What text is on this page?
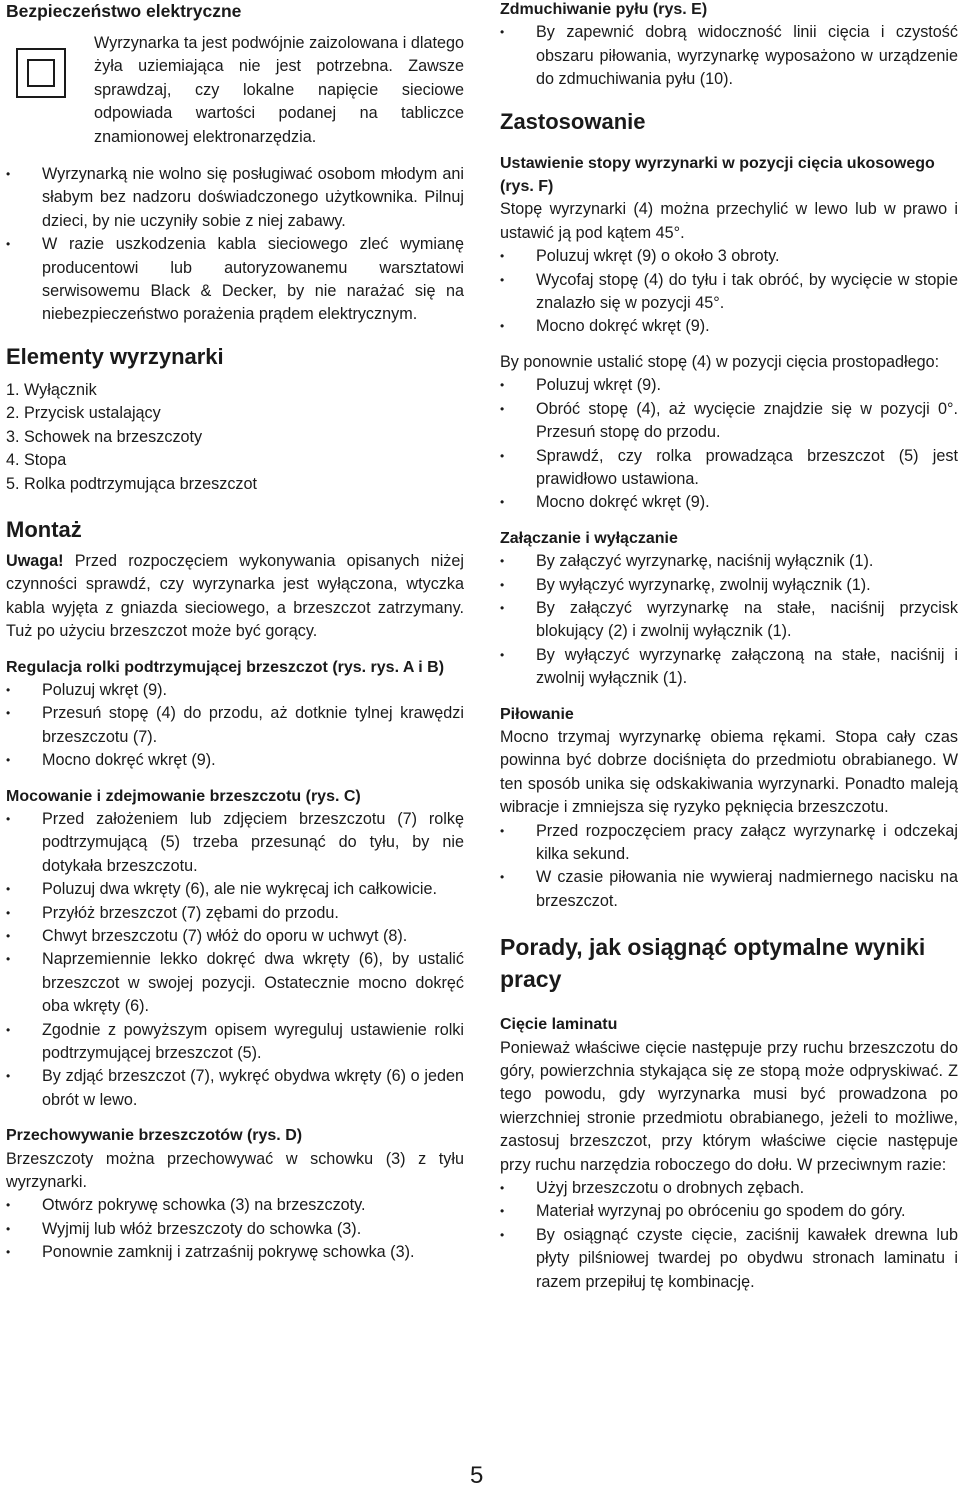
Bezpieczeństwo elektryczne

Wyrzynarka ta jest podwójnie zaizolowana i dlatego żyła uziemiająca nie jest potrzebna. Zawsze sprawdzaj, czy lokalne napięcie sieciowe odpowiada wartości podanej na tabliczce znamionowej elektronarzędzia.

• Wyrzynarką nie wolno się posługiwać osobom młodym ani słabym bez nadzoru doświadczonego użytkownika. Pilnuj dzieci, by nie uczyniły sobie z niej zabawy.
• W razie uszkodzenia kabla sieciowego zleć wymianę producentowi lub autoryzowanemu warsztatowi serwisowemu Black & Decker, by nie narażać się na niebezpieczeństwo porażenia prądem elektrycznym.
Elementy wyrzynarki
1. Wyłącznik
2. Przycisk ustalający
3. Schowek na brzeszczoty
4. Stopa
5. Rolka podtrzymująca brzeszczot
Montaż

Uwaga! Przed rozpoczęciem wykonywania opisanych niżej czynności sprawdź, czy wyrzynarka jest wyłączona, wtyczka kabla wyjęta z gniazda sieciowego, a brzeszczot zatrzymany. Tuż po użyciu brzeszczot może być gorący.

Regulacja rolki podtrzymującej brzeszczot (rys. rys. A i B)
• Poluzuj wkręt (9).
• Przesuń stopę (4) do przodu, aż dotknie tylnej krawędzi brzeszczotu (7).
• Mocno dokręć wkręt (9).
Mocowanie i zdejmowanie brzeszczotu (rys. C)
• Przed założeniem lub zdjęciem brzeszczotu (7) rolkę podtrzymującą (5) trzeba przesunąć do tyłu, by nie dotykała brzeszczotu.
• Poluzuj dwa wkręty (6), ale nie wykręcaj ich całkowicie.
• Przyłóż brzeszczot (7) zębami do przodu.
• Chwyt brzeszczotu (7) włóż do oporu w uchwyt (8).
• Naprzemiennie lekko dokręć dwa wkręty (6), by ustalić brzeszczot w swojej pozycji. Ostatecznie mocno dokręć oba wkręty (6).
• Zgodnie z powyższym opisem wyreguluj ustawienie rolki podtrzymującej brzeszczot (5).
• By zdjąć brzeszczot (7), wykręć obydwa wkręty (6) o jeden obrót w lewo.
Przechowywanie brzeszczotów (rys. D)

Brzeszczoty można przechowywać w schowku (3) z tyłu wyrzynarki.

• Otwórz pokrywę schowka (3) na brzeszczoty.
• Wyjmij lub włóż brzeszczoty do schowka (3).
• Ponownie zamknij i zatrzaśnij pokrywę schowka (3).
Zdmuchiwanie pyłu (rys. E)
• By zapewnić dobrą widoczność linii cięcia i czystość obszaru piłowania, wyrzynarkę wyposażono w urządzenie do zdmuchiwania pyłu (10).
Zastosowanie
Ustawienie stopy wyrzynarki w pozycji cięcia ukosowego (rys. F)

Stopę wyrzynarki (4) można przechylić w lewo lub w prawo i ustawić ją pod kątem 45°.

• Poluzuj wkręt (9) o około 3 obroty.
• Wycofaj stopę (4) do tyłu i tak obróć, by wycięcie w stopie znalazło się w pozycji 45°.
• Mocno dokręć wkręt (9).

By ponownie ustalić stopę (4) w pozycji cięcia prostopadłego:

• Poluzuj wkręt (9).
• Obróć stopę (4), aż wycięcie znajdzie się w pozycji 0°. Przesuń stopę do przodu.
• Sprawdź, czy rolka prowadząca brzeszczot (5) jest prawidłowo ustawiona.
• Mocno dokręć wkręt (9).
Załączanie i wyłączanie
• By załączyć wyrzynarkę, naciśnij wyłącznik (1).
• By wyłączyć wyrzynarkę, zwolnij wyłącznik (1).
• By załączyć wyrzynarkę na stałe, naciśnij przycisk blokujący (2) i zwolnij wyłącznik (1).
• By wyłączyć wyrzynarkę załączoną na stałe, naciśnij i zwolnij wyłącznik (1).
Piłowanie

Mocno trzymaj wyrzynarkę obiema rękami. Stopa cały czas powinna być dobrze dociśnięta do przedmiotu obrabianego. W ten sposób unika się odskakiwania wyrzynarki. Ponadto maleją wibracje i zmniejsza się ryzyko pęknięcia brzeszczotu.

• Przed rozpoczęciem pracy załącz wyrzynarkę i odczekaj kilka sekund.
• W czasie piłowania nie wywieraj nadmiernego nacisku na brzeszczot.
Porady, jak osiągnąć optymalne wyniki pracy
Cięcie laminatu

Ponieważ właściwe cięcie następuje przy ruchu brzeszczotu do góry, powierzchnia stykająca się ze stopą może odpryskiwać. Z tego powodu, gdy wyrzynarka musi być prowadzona po wierzchniej stronie przedmiotu obrabianego, jeżeli to możliwe, zastosuj brzeszczot, przy którym właściwe cięcie następuje przy ruchu narzędzia roboczego do dołu. W przeciwnym razie:

• Użyj brzeszczotu o drobnych zębach.
• Materiał wyrzynaj po obróceniu go spodem do góry.
• By osiągnąć czyste cięcie, zaciśnij kawałek drewna lub płyty pilśniowej twardej po obydwu stronach laminatu i razem przepiłuj tę kombinację.
5
